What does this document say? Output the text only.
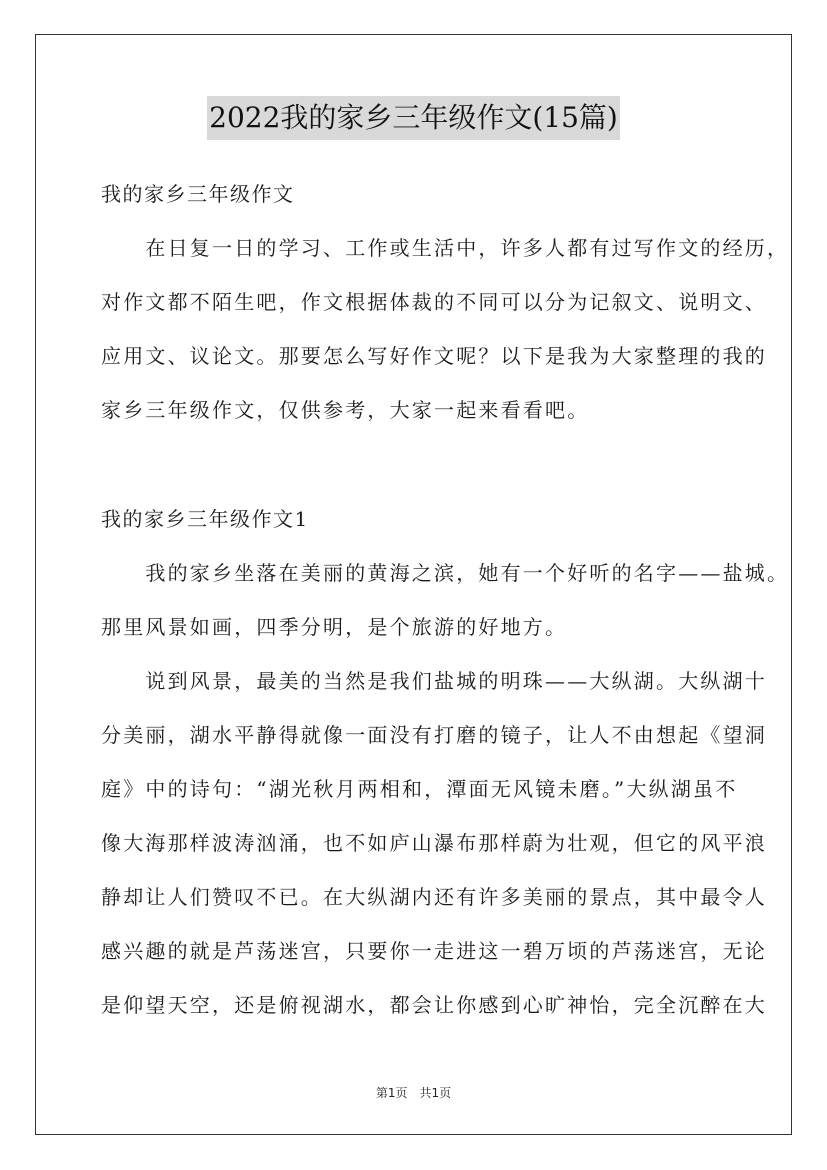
2022我的家乡三年级作文(15篇)
我的家乡三年级作文
　　在日复一日的学习、工作或生活中，许多人都有过写作文的经历，
对作文都不陌生吧，作文根据体裁的不同可以分为记叙文、说明文、
应用文、议论文。那要怎么写好作文呢？以下是我为大家整理的我的
家乡三年级作文，仅供参考，大家一起来看看吧。
我的家乡三年级作文1
　　我的家乡坐落在美丽的黄海之滨，她有一个好听的名字——盐城。
那里风景如画，四季分明，是个旅游的好地方。
　　说到风景，最美的当然是我们盐城的明珠——大纵湖。大纵湖十
分美丽，湖水平静得就像一面没有打磨的镜子，让人不由想起《望洞
庭》中的诗句：“湖光秋月两相和，潭面无风镜未磨。”大纵湖虽不
像大海那样波涛汹涌，也不如庐山瀑布那样蔚为壮观，但它的风平浪
静却让人们赞叹不已。在大纵湖内还有许多美丽的景点，其中最令人
感兴趣的就是芦荡迷宫，只要你一走进这一碧万顷的芦荡迷宫，无论
是仰望天空，还是俯视湖水，都会让你感到心旷神怡，完全沉醉在大
第1页　共1页
